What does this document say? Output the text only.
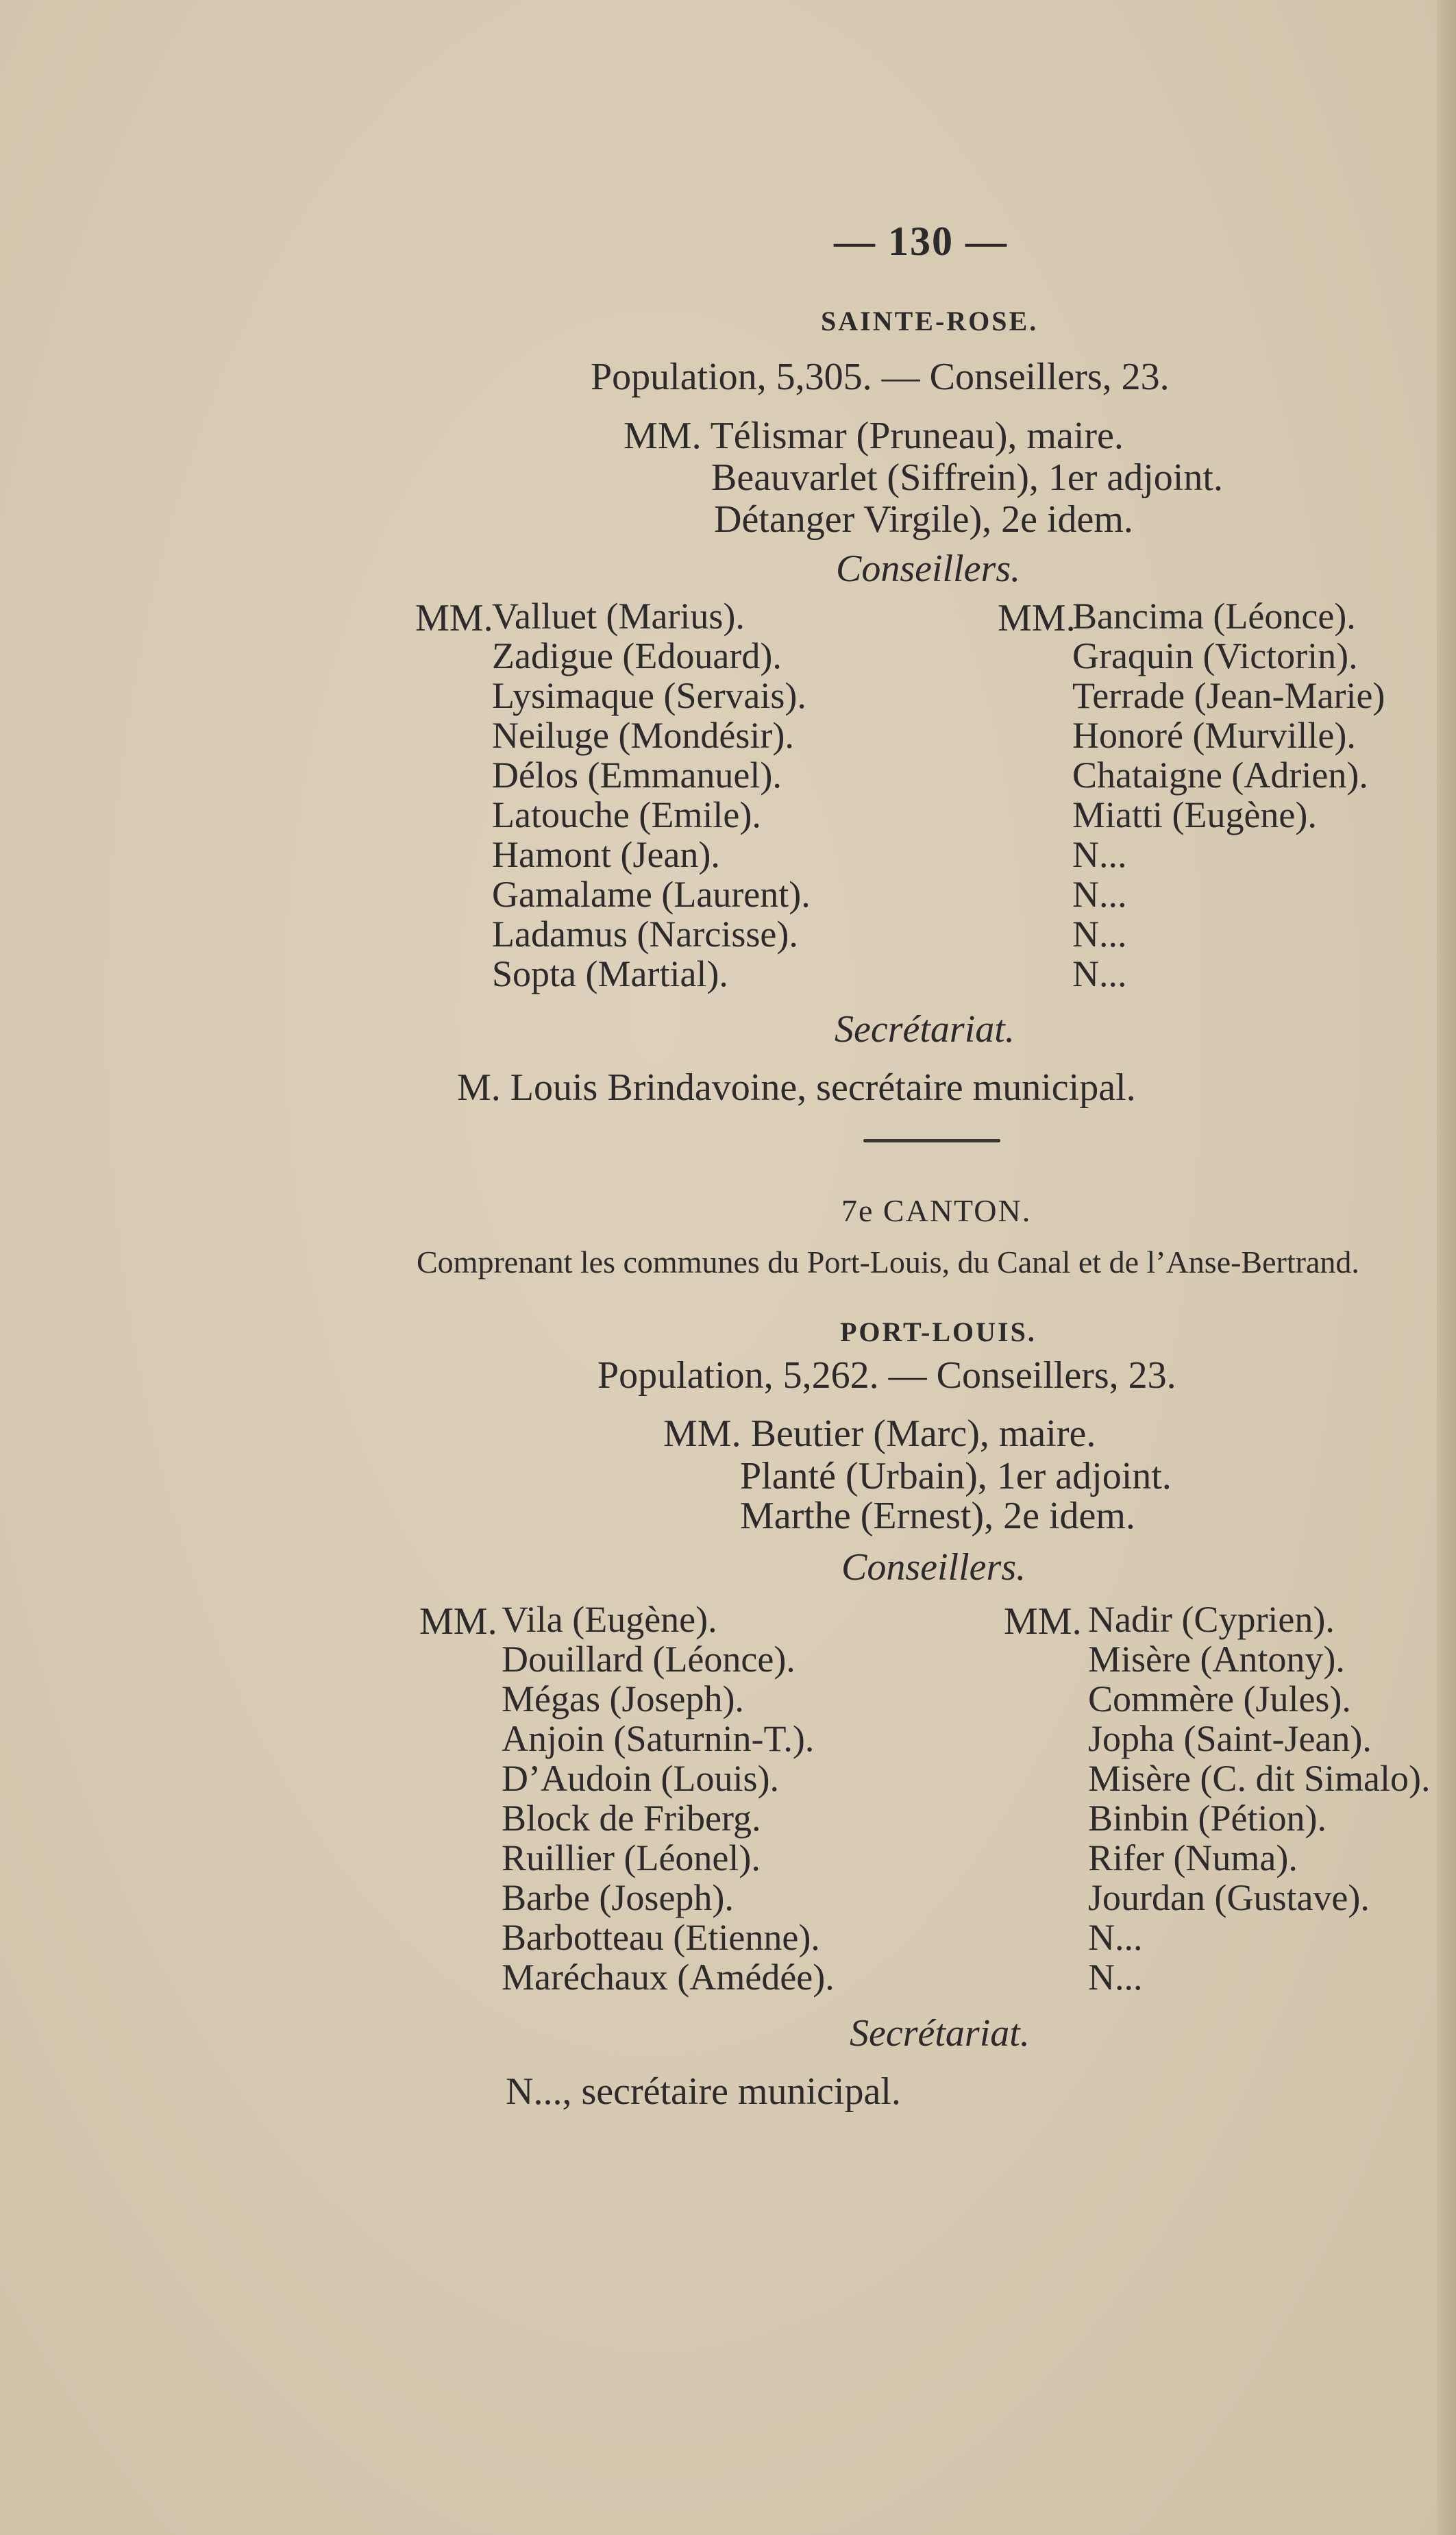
— 130 —
SAINTE-ROSE.
Population, 5,305. — Conseillers, 23.
MM. Télismar (Pruneau), maire.
Beauvarlet (Siffrein), 1er adjoint.
Détanger Virgile), 2e idem.
Conseillers.
MM.
Valluet (Marius).
Zadigue (Edouard).
Lysimaque (Servais).
Neiluge (Mondésir).
Délos (Emmanuel).
Latouche (Emile).
Hamont (Jean).
Gamalame (Laurent).
Ladamus (Narcisse).
Sopta (Martial).
MM.
Bancima (Léonce).
Graquin (Victorin).
Terrade (Jean-Marie)
Honoré (Murville).
Chataigne (Adrien).
Miatti (Eugène).
N...
N...
N...
N...
Secrétariat.
M. Louis Brindavoine, secrétaire municipal.
7e CANTON.
Comprenant les communes du Port-Louis, du Canal et de l’Anse-Bertrand.
PORT-LOUIS.
Population, 5,262. — Conseillers, 23.
MM. Beutier (Marc), maire.
Planté (Urbain), 1er adjoint.
Marthe (Ernest), 2e idem.
Conseillers.
MM. Vila (Eugène).
Douillard (Léonce).
Mégas (Joseph).
Anjoin (Saturnin-T.).
D’Audoin (Louis).
Block de Friberg.
Ruillier (Léonel).
Barbe (Joseph).
Barbotteau (Etienne).
Maréchaux (Amédée).
MM. Nadir (Cyprien).
Misère (Antony).
Commère (Jules).
Jopha (Saint-Jean).
Misère (C. dit Simalo).
Binbin (Pétion).
Rifer (Numa).
Jourdan (Gustave).
N...
N...
Secrétariat.
N..., secrétaire municipal.
